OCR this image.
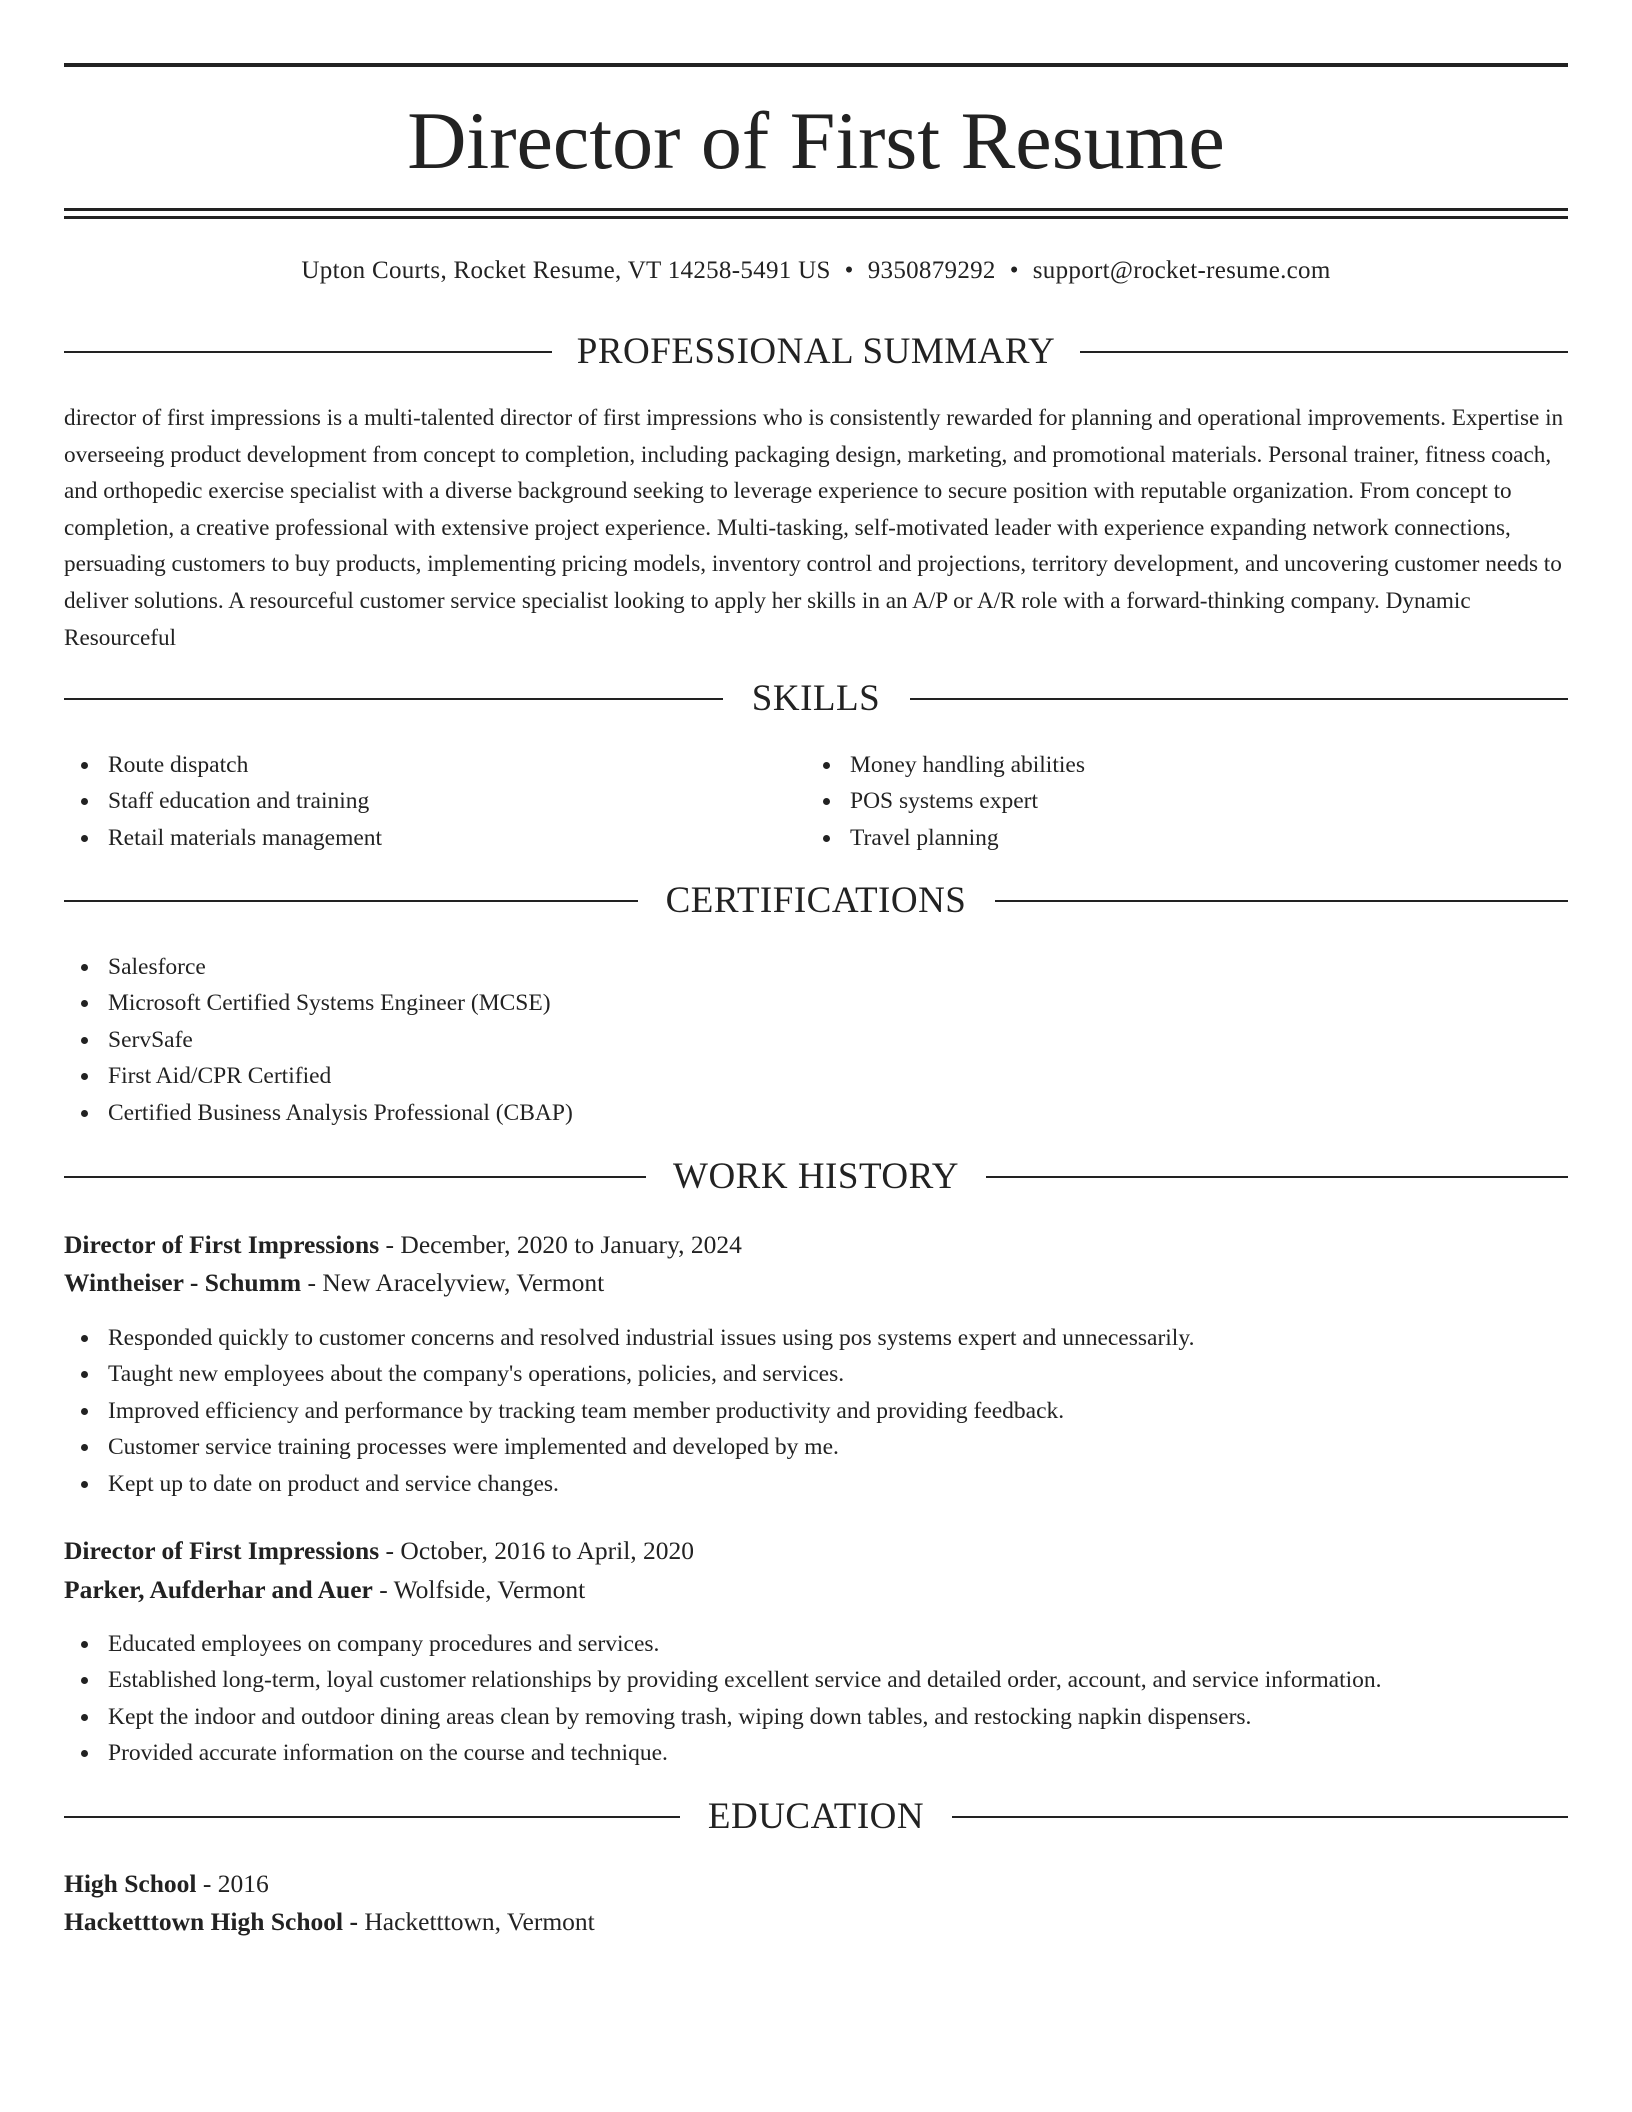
Director of First Resume
Upton Courts, Rocket Resume, VT 14258-5491 US • 9350879292 • support@rocket-resume.com
PROFESSIONAL SUMMARY

director of first impressions is a multi-talented director of first impressions who is consistently rewarded for planning and operational improvements. Expertise in overseeing product development from concept to completion, including packaging design, marketing, and promotional materials. Personal trainer, fitness coach, and orthopedic exercise specialist with a diverse background seeking to leverage experience to secure position with reputable organization. From concept to completion, a creative professional with extensive project experience. Multi-tasking, self-motivated leader with experience expanding network connections, persuading customers to buy products, implementing pricing models, inventory control and projections, territory development, and uncovering customer needs to deliver solutions. A resourceful customer service specialist looking to apply her skills in an A/P or A/R role with a forward-thinking company. Dynamic Resourceful

SKILLS
Route dispatch
Staff education and training
Retail materials management
Money handling abilities
POS systems expert
Travel planning
CERTIFICATIONS
Salesforce
Microsoft Certified Systems Engineer (MCSE)
ServSafe
First Aid/CPR Certified
Certified Business Analysis Professional (CBAP)
WORK HISTORY
Director of First Impressions - December, 2020 to January, 2024
Wintheiser - Schumm - New Aracelyview, Vermont
Responded quickly to customer concerns and resolved industrial issues using pos systems expert and unnecessarily.
Taught new employees about the company's operations, policies, and services.
Improved efficiency and performance by tracking team member productivity and providing feedback.
Customer service training processes were implemented and developed by me.
Kept up to date on product and service changes.
Director of First Impressions - October, 2016 to April, 2020
Parker, Aufderhar and Auer - Wolfside, Vermont
Educated employees on company procedures and services.
Established long-term, loyal customer relationships by providing excellent service and detailed order, account, and service information.
Kept the indoor and outdoor dining areas clean by removing trash, wiping down tables, and restocking napkin dispensers.
Provided accurate information on the course and technique.
EDUCATION
High School - 2016
Hacketttown High School - Hacketttown, Vermont
